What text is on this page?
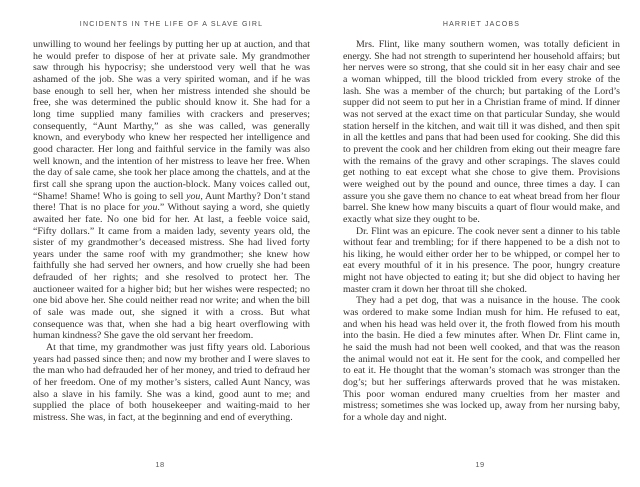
INCIDENTS IN THE LIFE OF A SLAVE GIRL

unwilling to wound her feelings by putting her up at auction, and that he would prefer to dispose of her at private sale. My grandmother saw through his hypocrisy; she understood very well that he was ashamed of the job. She was a very spirited woman, and if he was base enough to sell her, when her mistress intended she should be free, she was determined the public should know it. She had for a long time supplied many families with crackers and preserves; consequently, “Aunt Marthy,” as she was called, was generally known, and everybody who knew her respected her intelligence and good character. Her long and faithful service in the family was also well known, and the intention of her mistress to leave her free. When the day of sale came, she took her place among the chattels, and at the first call she sprang upon the auction-block. Many voices called out, “Shame! Shame! Who is going to sell you, Aunt Marthy? Don’t stand there! That is no place for you.” Without saying a word, she quietly awaited her fate. No one bid for her. At last, a feeble voice said, “Fifty dollars.” It came from a maiden lady, seventy years old, the sister of my grandmother’s deceased mistress. She had lived forty years under the same roof with my grandmother; she knew how faithfully she had served her owners, and how cruelly she had been defrauded of her rights; and she resolved to protect her. The auctioneer waited for a higher bid; but her wishes were respected; no one bid above her. She could neither read nor write; and when the bill of sale was made out, she signed it with a cross. But what consequence was that, when she had a big heart overflowing with human kindness? She gave the old servant her freedom.

At that time, my grandmother was just fifty years old. Laborious years had passed since then; and now my brother and I were slaves to the man who had defrauded her of her money, and tried to defraud her of her freedom. One of my mother’s sisters, called Aunt Nancy, was also a slave in his family. She was a kind, good aunt to me; and supplied the place of both housekeeper and waiting-maid to her mistress. She was, in fact, at the beginning and end of everything.

18
HARRIET JACOBS

Mrs. Flint, like many southern women, was totally deficient in energy. She had not strength to superintend her household affairs; but her nerves were so strong, that she could sit in her easy chair and see a woman whipped, till the blood trickled from every stroke of the lash. She was a member of the church; but partaking of the Lord’s supper did not seem to put her in a Christian frame of mind. If dinner was not served at the exact time on that particular Sunday, she would station herself in the kitchen, and wait till it was dished, and then spit in all the kettles and pans that had been used for cooking. She did this to prevent the cook and her children from eking out their meagre fare with the remains of the gravy and other scrapings. The slaves could get nothing to eat except what she chose to give them. Provisions were weighed out by the pound and ounce, three times a day. I can assure you she gave them no chance to eat wheat bread from her flour barrel. She knew how many biscuits a quart of flour would make, and exactly what size they ought to be.

Dr. Flint was an epicure. The cook never sent a dinner to his table without fear and trembling; for if there happened to be a dish not to his liking, he would either order her to be whipped, or compel her to eat every mouthful of it in his presence. The poor, hungry creature might not have objected to eating it; but she did object to having her master cram it down her throat till she choked.

They had a pet dog, that was a nuisance in the house. The cook was ordered to make some Indian mush for him. He refused to eat, and when his head was held over it, the froth flowed from his mouth into the basin. He died a few minutes after. When Dr. Flint came in, he said the mush had not been well cooked, and that was the reason the animal would not eat it. He sent for the cook, and compelled her to eat it. He thought that the woman’s stomach was stronger than the dog’s; but her sufferings afterwards proved that he was mistaken. This poor woman endured many cruelties from her master and mistress; sometimes she was locked up, away from her nursing baby, for a whole day and night.

19
